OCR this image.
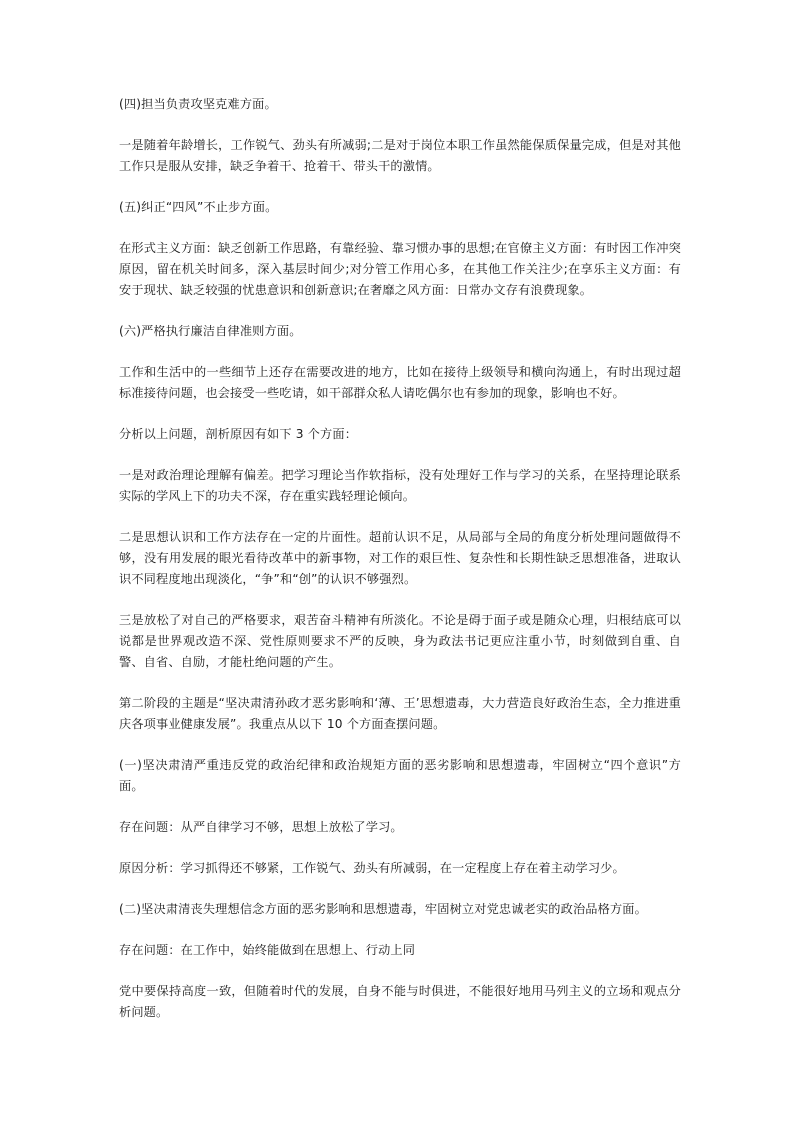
(四)担当负责攻坚克难方面。

一是随着年龄增长，工作锐气、劲头有所减弱;二是对于岗位本职工作虽然能保质保量完成，但是对其他工作只是服从安排，缺乏争着干、抢着干、带头干的激情。

(五)纠正“四风”不止步方面。

在形式主义方面：缺乏创新工作思路，有靠经验、靠习惯办事的思想;在官僚主义方面：有时因工作冲突原因，留在机关时间多，深入基层时间少;对分管工作用心多，在其他工作关注少;在享乐主义方面：有安于现状、缺乏较强的忧患意识和创新意识;在奢靡之风方面：日常办文存有浪费现象。

(六)严格执行廉洁自律准则方面。

工作和生活中的一些细节上还存在需要改进的地方，比如在接待上级领导和横向沟通上，有时出现过超标准接待问题，也会接受一些吃请，如干部群众私人请吃偶尔也有参加的现象，影响也不好。

分析以上问题，剖析原因有如下 3 个方面：

一是对政治理论理解有偏差。把学习理论当作软指标，没有处理好工作与学习的关系，在坚持理论联系实际的学风上下的功夫不深，存在重实践轻理论倾向。

二是思想认识和工作方法存在一定的片面性。超前认识不足，从局部与全局的角度分析处理问题做得不够，没有用发展的眼光看待改革中的新事物，对工作的艰巨性、复杂性和长期性缺乏思想准备，进取认识不同程度地出现淡化，“争”和“创”的认识不够强烈。

三是放松了对自己的严格要求，艰苦奋斗精神有所淡化。不论是碍于面子或是随众心理，归根结底可以说都是世界观改造不深、党性原则要求不严的反映，身为政法书记更应注重小节，时刻做到自重、自警、自省、自励，才能杜绝问题的产生。

第二阶段的主题是“坚决肃清孙政才恶劣影响和‘薄、王’思想遗毒，大力营造良好政治生态，全力推进重庆各项事业健康发展”。我重点从以下 10 个方面查摆问题。

(一)坚决肃清严重违反党的政治纪律和政治规矩方面的恶劣影响和思想遗毒，牢固树立“四个意识”方面。

存在问题：从严自律学习不够，思想上放松了学习。

原因分析：学习抓得还不够紧，工作锐气、劲头有所减弱，在一定程度上存在着主动学习少。

(二)坚决肃清丧失理想信念方面的恶劣影响和思想遗毒，牢固树立对党忠诚老实的政治品格方面。

存在问题：在工作中，始终能做到在思想上、行动上同

党中要保持高度一致，但随着时代的发展，自身不能与时俱进，不能很好地用马列主义的立场和观点分析问题。
